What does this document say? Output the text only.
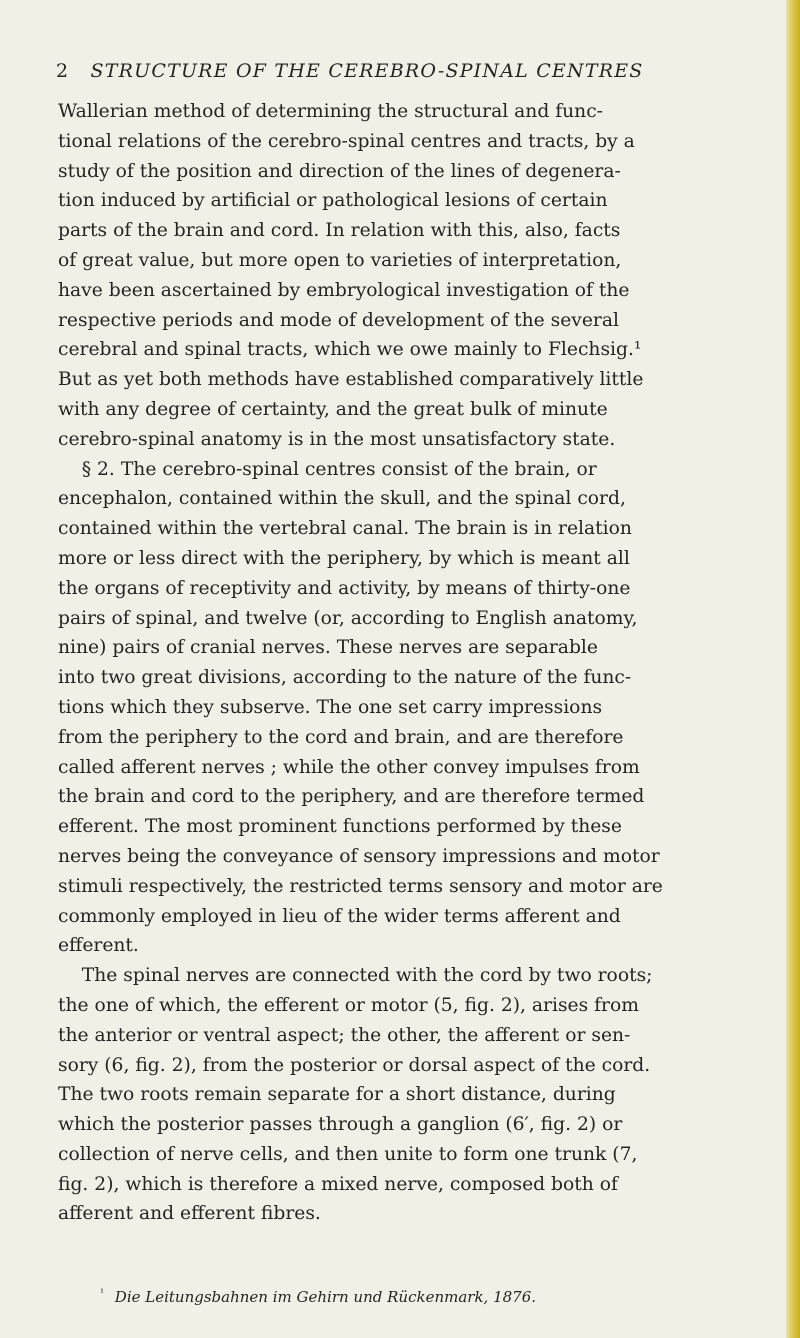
2 STRUCTURE OF THE CEREBRO-SPINAL CENTRES
Wallerian method of determining the structural and func-
tional relations of the cerebro-spinal centres and tracts, by a
study of the position and direction of the lines of degenera-
tion induced by artificial or pathological lesions of certain
parts of the brain and cord. In relation with this, also, facts
of great value, but more open to varieties of interpretation,
have been ascertained by embryological investigation of the
respective periods and mode of development of the several
cerebral and spinal tracts, which we owe mainly to Flechsig.¹
But as yet both methods have established comparatively little
with any degree of certainty, and the great bulk of minute
cerebro-spinal anatomy is in the most unsatisfactory state.
§ 2. The cerebro-spinal centres consist of the brain, or
encephalon, contained within the skull, and the spinal cord,
contained within the vertebral canal. The brain is in relation
more or less direct with the periphery, by which is meant all
the organs of receptivity and activity, by means of thirty-one
pairs of spinal, and twelve (or, according to English anatomy,
nine) pairs of cranial nerves. These nerves are separable
into two great divisions, according to the nature of the func-
tions which they subserve. The one set carry impressions
from the periphery to the cord and brain, and are therefore
called afferent nerves ; while the other convey impulses from
the brain and cord to the periphery, and are therefore termed
efferent. The most prominent functions performed by these
nerves being the conveyance of sensory impressions and motor
stimuli respectively, the restricted terms sensory and motor are
commonly employed in lieu of the wider terms afferent and
efferent.
The spinal nerves are connected with the cord by two roots;
the one of which, the efferent or motor (5, fig. 2), arises from
the anterior or ventral aspect; the other, the afferent or sen-
sory (6, fig. 2), from the posterior or dorsal aspect of the cord.
The two roots remain separate for a short distance, during
which the posterior passes through a ganglion (6′, fig. 2) or
collection of nerve cells, and then unite to form one trunk (7,
fig. 2), which is therefore a mixed nerve, composed both of
afferent and efferent fibres.
$^{^1}$ Die Leitungsbahnen im Gehirn und Rückenmark, 1876.
